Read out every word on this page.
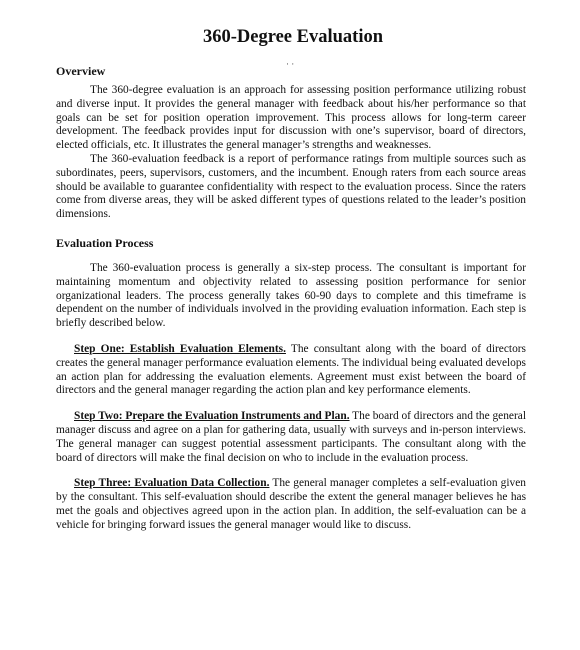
360-Degree Evaluation
· ·
Overview

The 360-degree evaluation is an approach for assessing position performance utilizing robust and diverse input. It provides the general manager with feedback about his/her performance so that goals can be set for position operation improvement. This process allows for long-term career development. The feedback provides input for discussion with one’s supervisor, board of directors, elected officials, etc. It illustrates the general manager’s strengths and weaknesses.

The 360-evaluation feedback is a report of performance ratings from multiple sources such as subordinates, peers, supervisors, customers, and the incumbent. Enough raters from each source areas should be available to guarantee confidentiality with respect to the evaluation process. Since the raters come from diverse areas, they will be asked different types of questions related to the leader’s position dimensions.

Evaluation Process

The 360-evaluation process is generally a six-step process. The consultant is important for maintaining momentum and objectivity related to assessing position performance for senior organizational leaders. The process generally takes 60-90 days to complete and this timeframe is dependent on the number of individuals involved in the providing evaluation information. Each step is briefly described below.

Step One: Establish Evaluation Elements. The consultant along with the board of directors creates the general manager performance evaluation elements. The individual being evaluated develops an action plan for addressing the evaluation elements. Agreement must exist between the board of directors and the general manager regarding the action plan and key performance elements.

Step Two: Prepare the Evaluation Instruments and Plan. The board of directors and the general manager discuss and agree on a plan for gathering data, usually with surveys and in-person interviews. The general manager can suggest potential assessment participants. The consultant along with the board of directors will make the final decision on who to include in the evaluation process.

Step Three: Evaluation Data Collection. The general manager completes a self-evaluation given by the consultant. This self-evaluation should describe the extent the general manager believes he has met the goals and objectives agreed upon in the action plan. In addition, the self-evaluation can be a vehicle for bringing forward issues the general manager would like to discuss.
